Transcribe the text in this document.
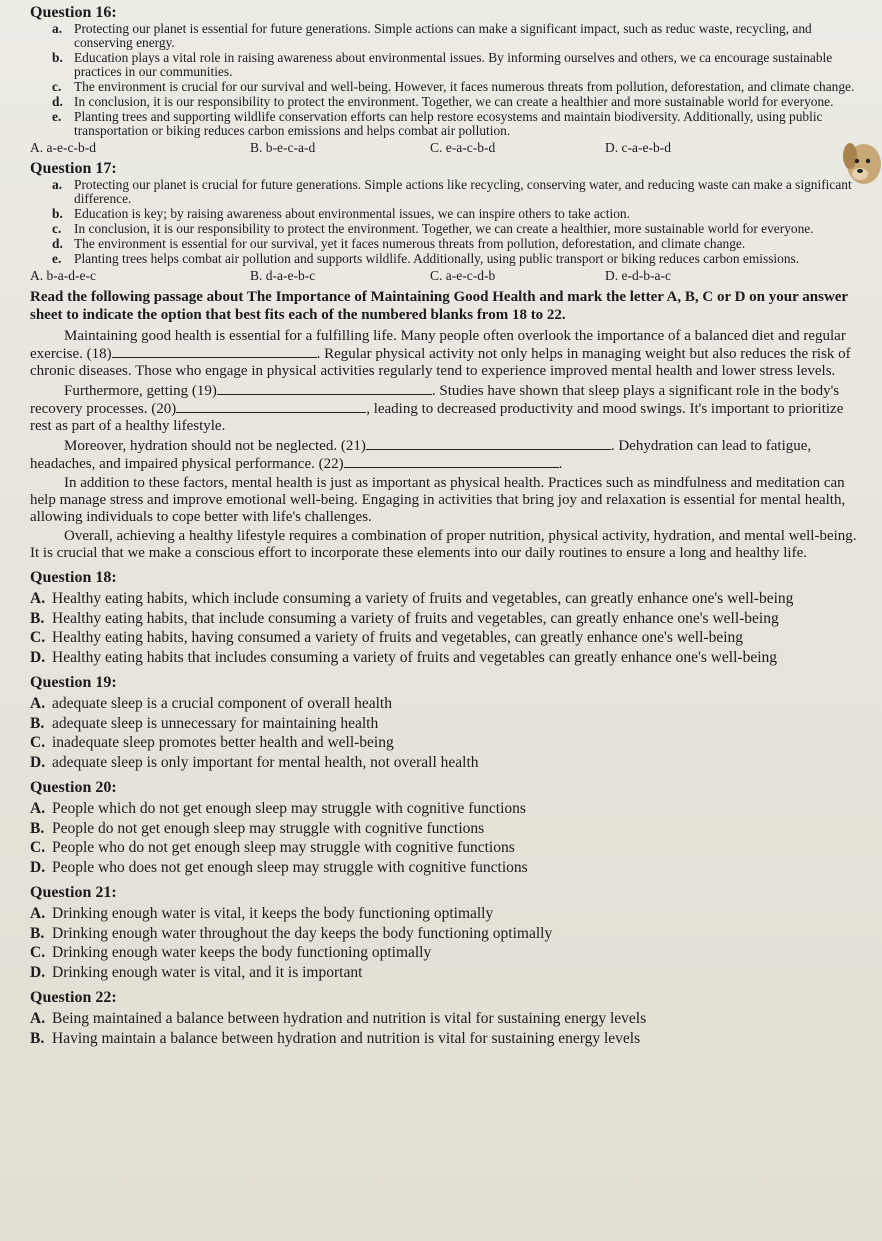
Question 16:
a. Protecting our planet is essential for future generations. Simple actions can make a significant impact, such as reduc waste, recycling, and conserving energy.
b. Education plays a vital role in raising awareness about environmental issues. By informing ourselves and others, we ca encourage sustainable practices in our communities.
c. The environment is crucial for our survival and well-being. However, it faces numerous threats from pollution, deforestation, and climate change.
d. In conclusion, it is our responsibility to protect the environment. Together, we can create a healthier and more sustainable world for everyone.
e. Planting trees and supporting wildlife conservation efforts can help restore ecosystems and maintain biodiversity. Additionally, using public transportation or biking reduces carbon emissions and helps combat air pollution.
A. a-e-c-b-d	B. b-e-c-a-d	C. e-a-c-b-d	D. c-a-e-b-d
Question 17:
a. Protecting our planet is crucial for future generations. Simple actions like recycling, conserving water, and reducing waste can make a significant difference.
b. Education is key; by raising awareness about environmental issues, we can inspire others to take action.
c. In conclusion, it is our responsibility to protect the environment. Together, we can create a healthier, more sustainable world for everyone.
d. The environment is essential for our survival, yet it faces numerous threats from pollution, deforestation, and climate change.
e. Planting trees helps combat air pollution and supports wildlife. Additionally, using public transport or biking reduces carbon emissions.
A. b-a-d-e-c	B. d-a-e-b-c	C. a-e-c-d-b	D. e-d-b-a-c
Read the following passage about The Importance of Maintaining Good Health and mark the letter A, B, C or D on your answer sheet to indicate the option that best fits each of the numbered blanks from 18 to 22.
Maintaining good health is essential for a fulfilling life. Many people often overlook the importance of a balanced diet and regular exercise. (18)	. Regular physical activity not only helps in managing weight but also reduces the risk of chronic diseases. Those who engage in physical activities regularly tend to experience improved mental health and lower stress levels.
Furthermore, getting (19)	. Studies have shown that sleep plays a significant role in the body's recovery processes. (20)	, leading to decreased productivity and mood swings. It's important to prioritize rest as part of a healthy lifestyle.
Moreover, hydration should not be neglected. (21)	. Dehydration can lead to fatigue, headaches, and impaired physical performance. (22)	.
In addition to these factors, mental health is just as important as physical health. Practices such as mindfulness and meditation can help manage stress and improve emotional well-being. Engaging in activities that bring joy and relaxation is essential for mental health, allowing individuals to cope better with life's challenges.
Overall, achieving a healthy lifestyle requires a combination of proper nutrition, physical activity, hydration, and mental well-being. It is crucial that we make a conscious effort to incorporate these elements into our daily routines to ensure a long and healthy life.
Question 18:
A. Healthy eating habits, which include consuming a variety of fruits and vegetables, can greatly enhance one's well-being
B. Healthy eating habits, that include consuming a variety of fruits and vegetables, can greatly enhance one's well-being
C. Healthy eating habits, having consumed a variety of fruits and vegetables, can greatly enhance one's well-being
D. Healthy eating habits that includes consuming a variety of fruits and vegetables can greatly enhance one's well-being
Question 19:
A. adequate sleep is a crucial component of overall health
B. adequate sleep is unnecessary for maintaining health
C. inadequate sleep promotes better health and well-being
D. adequate sleep is only important for mental health, not overall health
Question 20:
A. People which do not get enough sleep may struggle with cognitive functions
B. People do not get enough sleep may struggle with cognitive functions
C. People who do not get enough sleep may struggle with cognitive functions
D. People who does not get enough sleep may struggle with cognitive functions
Question 21:
A. Drinking enough water is vital, it keeps the body functioning optimally
B. Drinking enough water throughout the day keeps the body functioning optimally
C. Drinking enough water keeps the body functioning optimally
D. Drinking enough water is vital, and it is important
Question 22:
A. Being maintained a balance between hydration and nutrition is vital for sustaining energy levels
B. Having maintain a balance between hydration and nutrition is vital for sustaining energy levels
